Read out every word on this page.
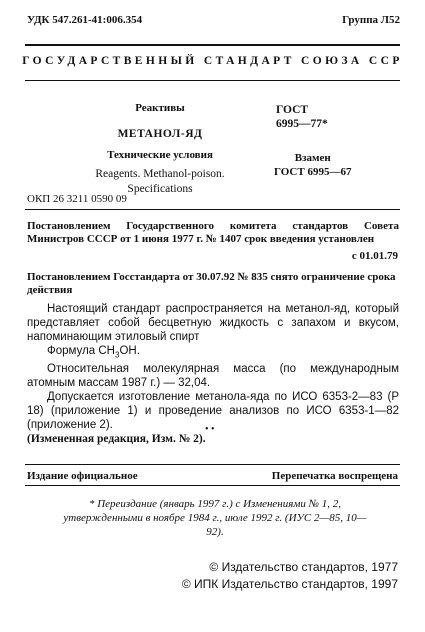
УДК 547.261-41:006.354	Группа Л52
ГОСУДАРСТВЕННЫЙ СТАНДАРТ СОЮЗА ССР
Реактивы
МЕТАНОЛ-ЯД
Технические условия
Reagents. Methanol-poison.
Specifications
ГОСТ
6995—77*
Взамен
ГОСТ 6995—67
ОКП 26 3211 0590 09
Постановлением Государственного комитета стандартов Совета Министров СССР от 1 июня 1977 г. № 1407 срок введения установлен
с 01.01.79
Постановлением Госстандарта от 30.07.92 № 835 снято ограничение срока действия

Настоящий стандарт распространяется на метанол-яд, который представляет собой бесцветную жидкость с запахом и вкусом, напоминающим этиловый спирт

Формула $CH_3OH$.

Относительная молекулярная масса (по международным атомным массам 1987 г.) — 32,04.

Допускается изготовление метанола-яда по ИСО 6353-2—83 (Р 18) (приложение 1) и проведение анализов по ИСО 6353-1—82 (приложение 2).

(Измененная редакция, Изм. № 2).

• •
Издание официальное	Перепечатка воспрещена
* Переиздание (январь 1997 г.) с Изменениями № 1, 2,
утвержденными в ноябре 1984 г., июле 1992 г. (ИУС 2—85, 10—92).
© Издательство стандартов, 1977
© ИПК Издательство стандартов, 1997
